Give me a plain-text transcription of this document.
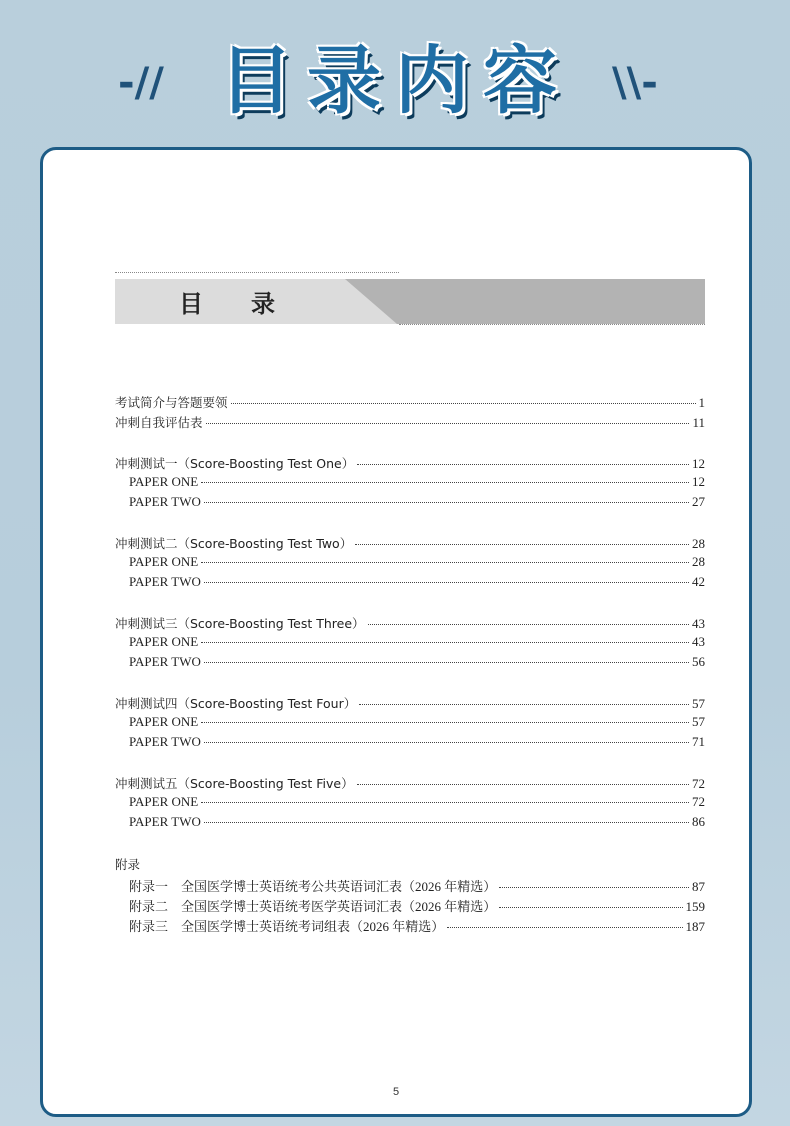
-// 目录内容	\\-
目录
考试简介与答题要领	1
冲刺自我评估表	11
冲刺测试一（Score-Boosting Test One）	12
PAPER ONE	12
PAPER TWO	27
冲刺测试二（Score-Boosting Test Two）	28
PAPER ONE	28
PAPER TWO	42
冲刺测试三（Score-Boosting Test Three）	43
PAPER ONE	43
PAPER TWO	56
冲刺测试四（Score-Boosting Test Four）	57
PAPER ONE	57
PAPER TWO	71
冲刺测试五（Score-Boosting Test Five）	72
PAPER ONE	72
PAPER TWO	86
附录
附录一　全国医学博士英语统考公共英语词汇表（2026 年精选）	87
附录二　全国医学博士英语统考医学英语词汇表（2026 年精选）	159
附录三　全国医学博士英语统考词组表（2026 年精选）	187
5
